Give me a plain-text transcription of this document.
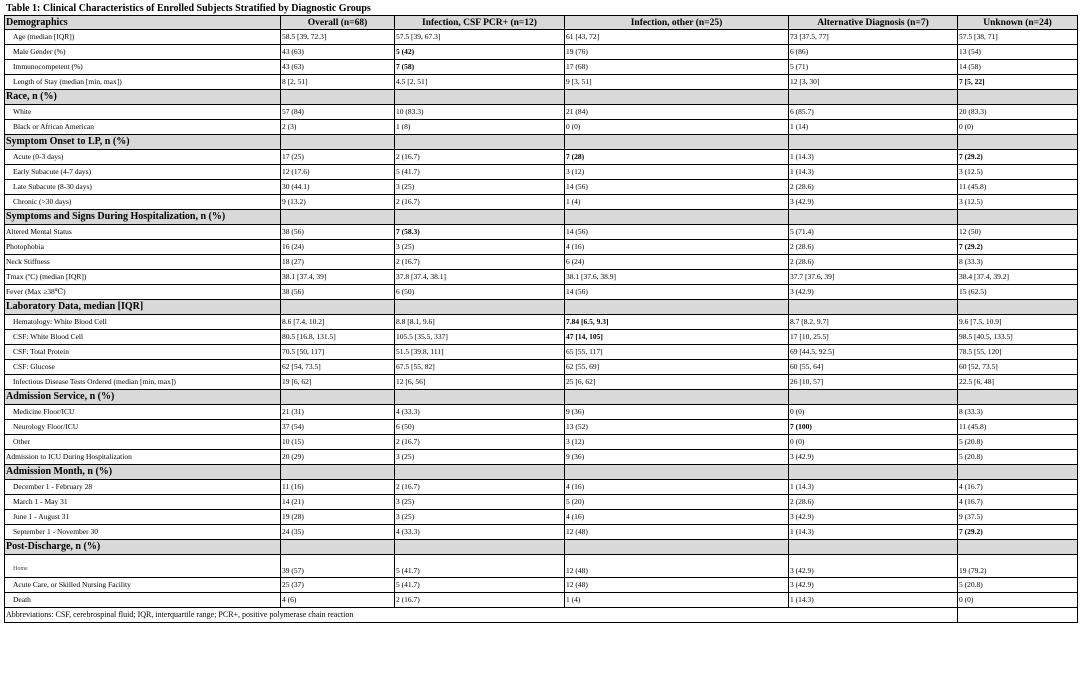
Table 1: Clinical Characteristics of Enrolled Subjects Stratified by Diagnostic Groups
Demographics	Overall (n=68)	Infection, CSF PCR+ (n=12)	Infection, other (n=25)	Alternative Diagnosis (n=7)	Unknown (n=24)
Age (median [IQR])	58.5 [39, 72.3]	57.5 [39, 67.3]	61 [43, 72]	73 [37.5, 77]	57.5 [38, 71]
Male Gender (%)	43 (63)	5 (42)	19 (76)	6 (86)	13 (54)
Immunocompetent (%)	43 (63)	7 (58)	17 (68)	5 (71)	14 (58)
Length of Stay (median [min, max])	8 [2, 51]	4.5 [2, 51]	9 [3, 51]	12 [3, 30]	7 [5, 22]
Race, n (%)					
White	57 (84)	10 (83.3)	21 (84)	6 (85.7)	20 (83.3)
Black or African American	2 (3)	1 (8)	0 (0)	1 (14)	0 (0)
Symptom Onset to LP, n (%)					
Acute (0-3 days)	17 (25)	2 (16.7)	7 (28)	1 (14.3)	7 (29.2)
Early Subacute (4-7 days)	12 (17.6)	5 (41.7)	3 (12)	1 (14.3)	3 (12.5)
Late Subacute (8-30 days)	30 (44.1)	3 (25)	14 (56)	2 (28.6)	11 (45.8)
Chronic (>30 days)	9 (13.2)	2 (16.7)	1 (4)	3 (42.9)	3 (12.5)
Symptoms and Signs During Hospitalization, n (%)					
Altered Mental Status	38 (56)	7 (58.3)	14 (56)	5 (71.4)	12 (50)
Photophobia	16 (24)	3 (25)	4 (16)	2 (28.6)	7 (29.2)
Neck Stiffness	18 (27)	2 (16.7)	6 (24)	2 (28.6)	8 (33.3)
Tmax (ºC) (median [IQR])	38.1 [37.4, 39]	37.8 [37.4, 38.1]	38.1 [37.6, 38.9]	37.7 [37.6, 39]	38.4 [37.4, 39.2]
Fever (Max ≥38℃)	38 (56)	6 (50)	14 (56)	3 (42.9)	15 (62.5)
Laboratory Data, median [IQR]					
Hematology: White Blood Cell	8.6 [7.4, 10.2]	8.8 [8.1, 9.6]	7.84 [6.5, 9.3]	8.7 [8.2, 9.7]	9.6 [7.5, 10.9]
CSF: White Blood Cell	80.5 [16.8, 131.5]	105.5 [35.5, 337]	47 [14, 105]	17 [10, 25.5]	98.5 [40.5, 133.5]
CSF: Total Protein	70.5 [50, 117]	51.5 [39.8, 111]	65 [55, 117]	69 [44.5, 92.5]	78.5 [55, 120]
CSF: Glucose	62 [54, 73.5]	67.5 [55, 82]	62 [55, 69]	60 [55, 64]	60 [52, 73.5]
Infectious Disease Tests Ordered (median [min, max])	19 [6, 62]	12 [6, 56]	25 [6, 62]	26 [10, 57]	22.5 [6, 48]
Admission Service, n (%)					
Medicine Floor/ICU	21 (31)	4 (33.3)	9 (36)	0 (0)	8 (33.3)
Neurology Floor/ICU	37 (54)	6 (50)	13 (52)	7 (100)	11 (45.8)
Other	10 (15)	2 (16.7)	3 (12)	0 (0)	5 (20.8)
Admission to ICU During Hospitalization	20 (29)	3 (25)	9 (36)	3 (42.9)	5 (20.8)
Admission Month, n (%)					
December 1 - February 28	11 (16)	2 (16.7)	4 (16)	1 (14.3)	4 (16.7)
March 1 - May 31	14 (21)	3 (25)	5 (20)	2 (28.6)	4 (16.7)
June 1 - August 31	19 (28)	3 (25)	4 (16)	3 (42.9)	9 (37.5)
September 1 - November 30	24 (35)	4 (33.3)	12 (48)	1 (14.3)	7 (29.2)
Post-Discharge, n (%)					

Home	39 (57)	5 (41.7)	12 (48)	3 (42.9)	19 (79.2)
Acute Care, or Skilled Nursing Facility	25 (37)	5 (41.7)	12 (48)	3 (42.9)	5 (20.8)
Death	4 (6)	2 (16.7)	1 (4)	1 (14.3)	0 (0)
Abbreviations: CSF, cerebrospinal fluid; IQR, interquartile range; PCR+, positive polymerase chain reaction					
